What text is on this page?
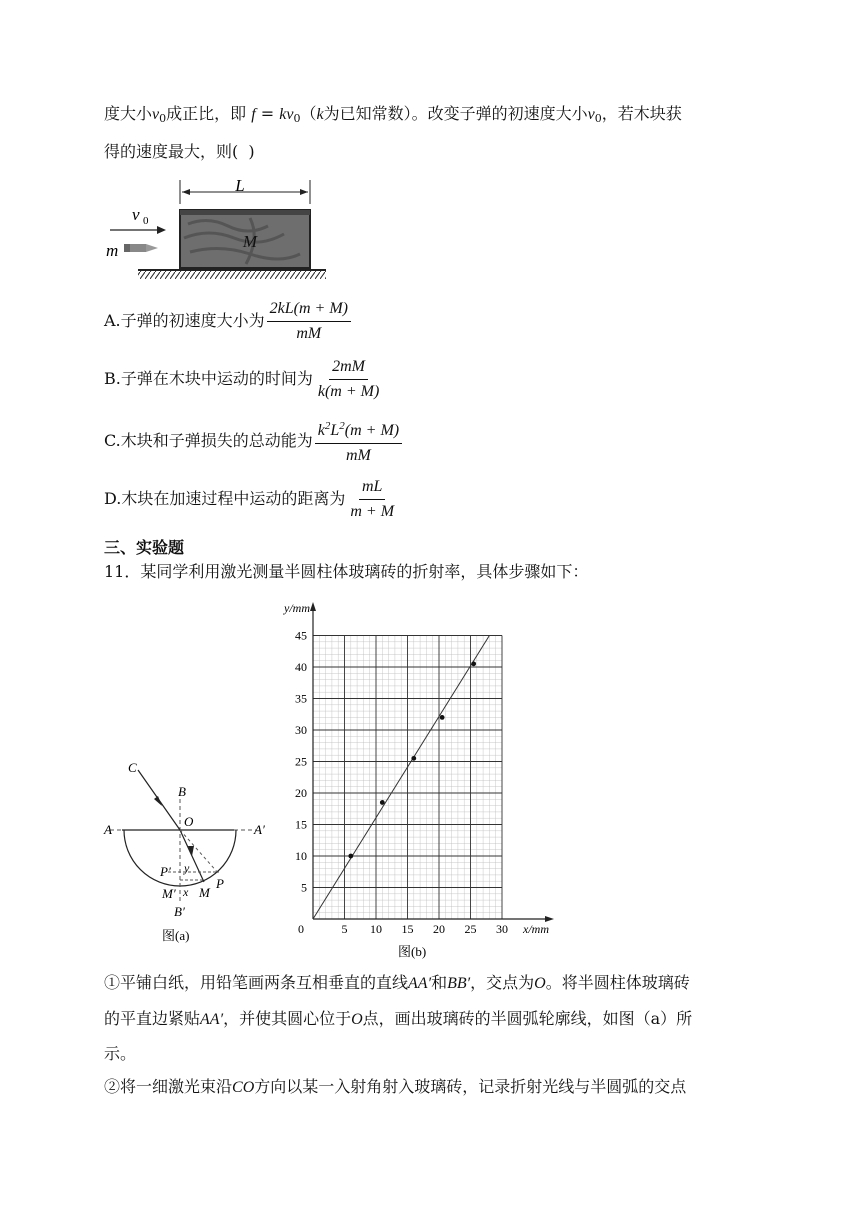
度大小$v_0$成正比，即 $f = kv_0(k$为已知常数）。改变子弹的初速度大小$v_0$，若木块获
得的速度最大，则(  )
L
M
v 0
m
A.子弹的初速度大小为 $\frac{2kL(m + M)}{mM}$
B.子弹在木块中运动的时间为 $\frac{2mM}{k(m + M)}$
C.木块和子弹损失的总动能为 $\frac{k^2L^2(m + M)}{mM}$
D.木块在加速过程中运动的距离为 $\frac{mL}{m + M}$
三、实验题
11．某同学利用激光测量半圆柱体玻璃砖的折射率，具体步骤如下：
C
B
O
A	A′
P′ y
P
M′ x M
B′
图(a)
y/mm
x/mm
5
10
15
20
25
30
35
40
45
5 10 15 20 25 30
0
图(b)
①平铺白纸，用铅笔画两条互相垂直的直线AA′和BB′，交点为O。将半圆柱体玻璃砖
的平直边紧贴AA′，并使其圆心位于O点，画出玻璃砖的半圆弧轮廓线，如图（a）所
示。
②将一细激光束沿CO方向以某一入射角射入玻璃砖，记录折射光线与半圆弧的交点
